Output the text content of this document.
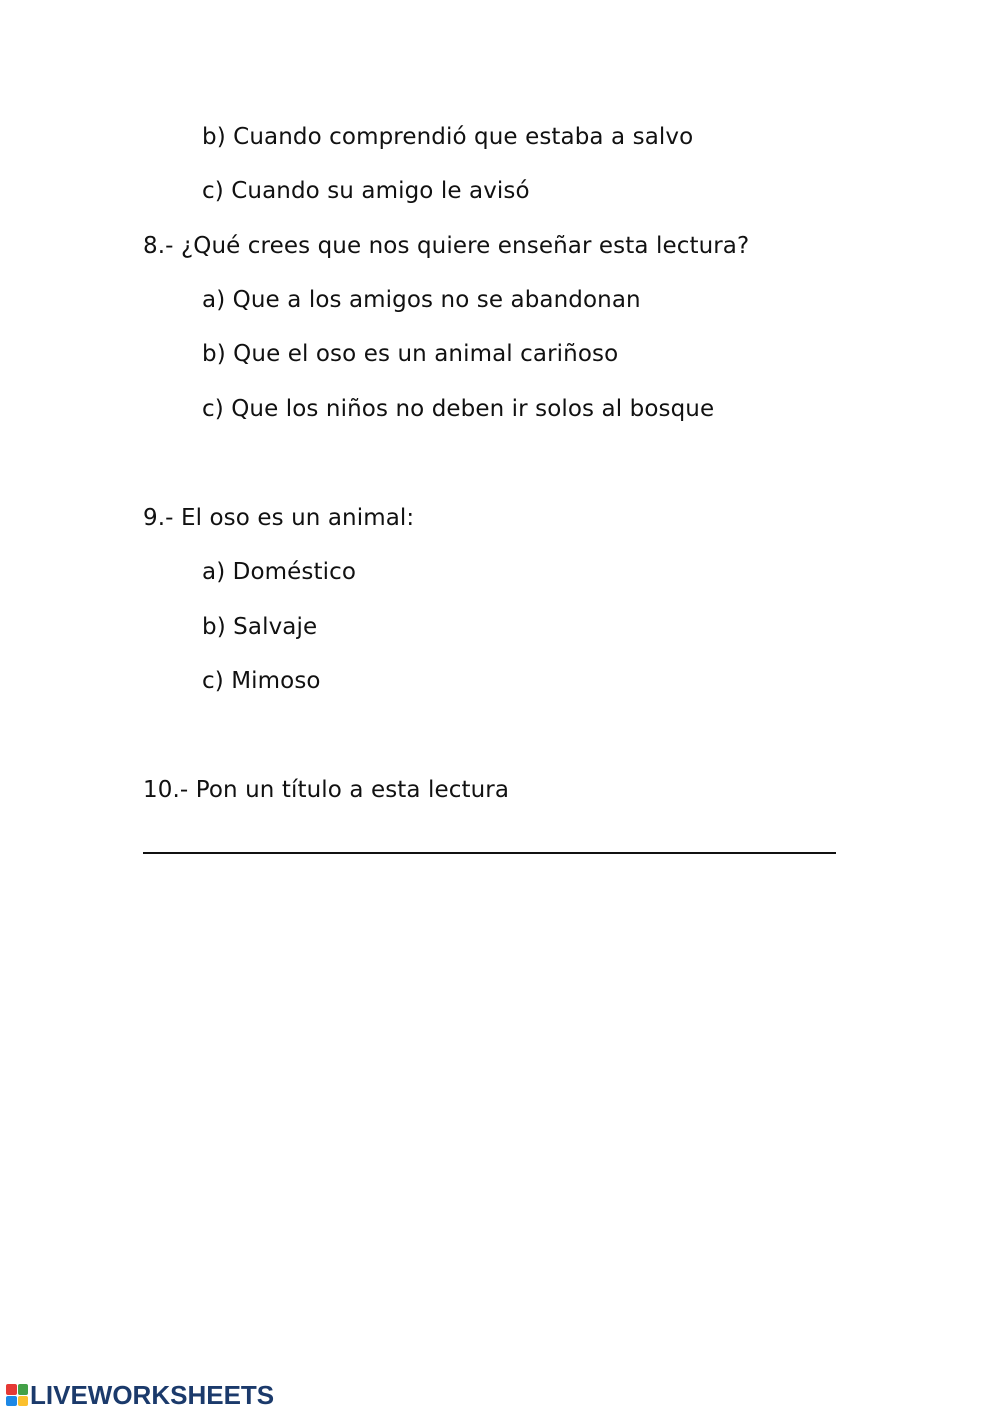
b) Cuando comprendió que estaba a salvo
c) Cuando su amigo le avisó
8.- ¿Qué crees que nos quiere enseñar esta lectura?
a) Que a los amigos no se abandonan
b) Que el oso es un animal cariñoso
c) Que los niños no deben ir solos al bosque
9.- El oso es un animal:
a) Doméstico
b) Salvaje
c) Mimoso
10.- Pon un título a esta lectura
LIVEWORKSHEETS
